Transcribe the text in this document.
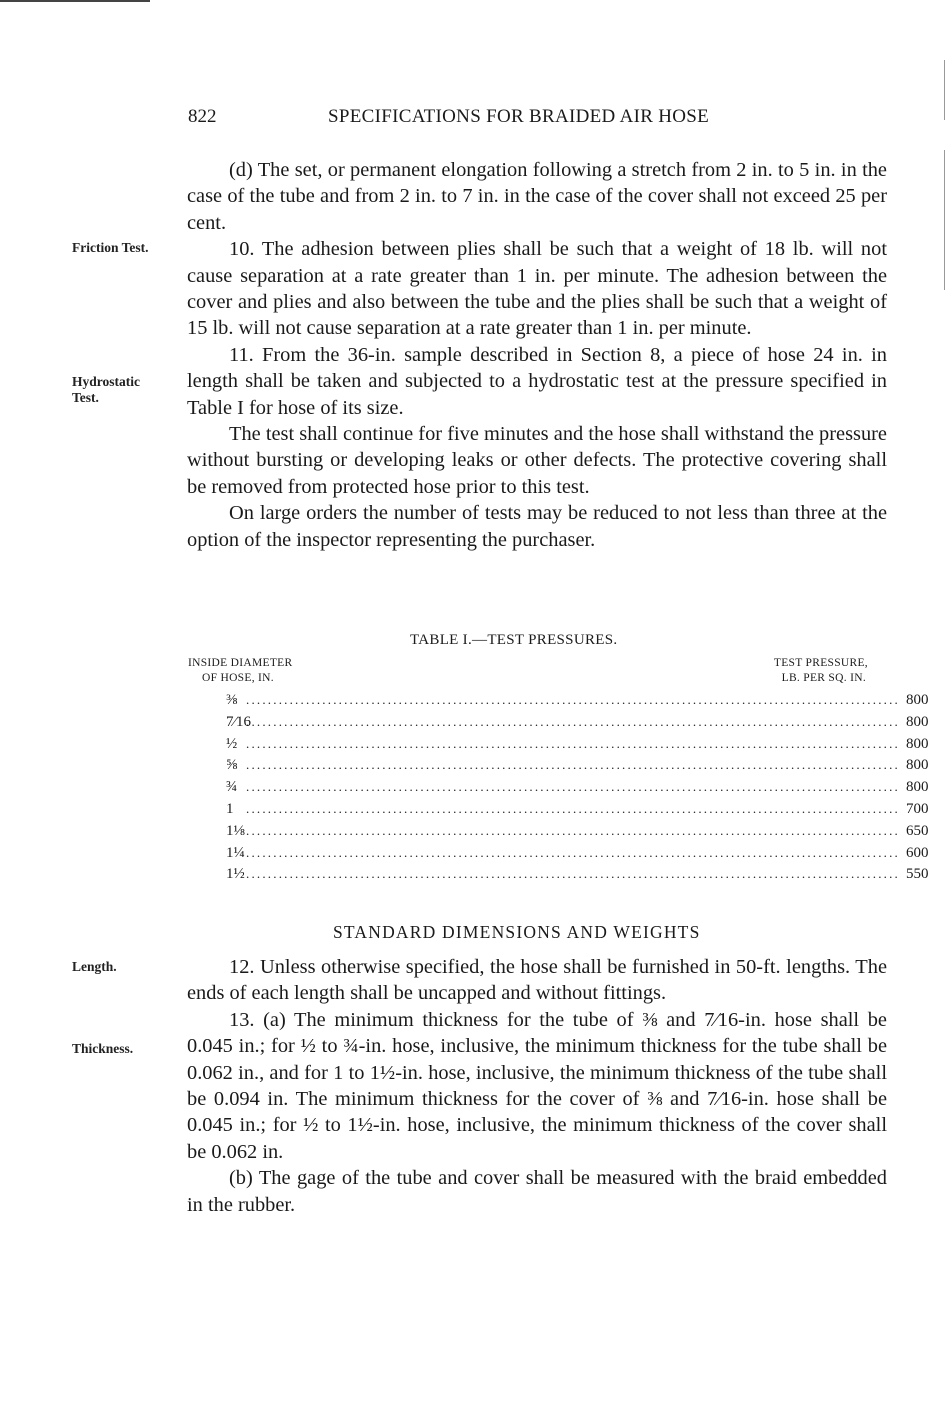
822	SPECIFICATIONS FOR BRAIDED AIR HOSE
Friction Test.
Hydrostatic Test.
Length.
Thickness.

(d) The set, or permanent elongation following a stretch from 2 in. to 5 in. in the case of the tube and from 2 in. to 7 in. in the case of the cover shall not exceed 25 per cent.

10. The adhesion between plies shall be such that a weight of 18 lb. will not cause separation at a rate greater than 1 in. per minute. The adhesion between the cover and plies and also between the tube and the plies shall be such that a weight of 15 lb. will not cause separation at a rate greater than 1 in. per minute.

11. From the 36-in. sample described in Section 8, a piece of hose 24 in. in length shall be taken and subjected to a hydrostatic test at the pressure specified in Table I for hose of its size.

The test shall continue for five minutes and the hose shall withstand the pressure without bursting or developing leaks or other defects. The protective covering shall be removed from protected hose prior to this test.

On large orders the number of tests may be reduced to not less than three at the option of the inspector representing the purchaser.

TABLE I.—TEST PRESSURES.
INSIDE DIAMETER
OF HOSE, IN.
TEST PRESSURE,
LB. PER SQ. IN.
⅜ ........................................................................................................................ 800
7⁄16
........................................................................................................................ 800
½ ........................................................................................................................ 800
⅝ ........................................................................................................................ 800
¾ ........................................................................................................................ 800
1 ........................................................................................................................ 700
1⅛ ........................................................................................................................ 650
1¼ ........................................................................................................................ 600
1½ ........................................................................................................................ 550
STANDARD DIMENSIONS AND WEIGHTS

12. Unless otherwise specified, the hose shall be furnished in 50-ft. lengths. The ends of each length shall be uncapped and without fittings.

13. (a) The minimum thickness for the tube of ⅜ and 7⁄16-in. hose shall be 0.045 in.; for ½ to ¾-in. hose, inclusive, the minimum thickness for the tube shall be 0.062 in., and for 1 to 1½-in. hose, inclusive, the minimum thickness of the tube shall be 0.094 in. The minimum thickness for the cover of ⅜ and 7⁄16-in. hose shall be 0.045 in.; for ½ to 1½-in. hose, inclusive, the minimum thickness of the cover shall be 0.062 in.

(b) The gage of the tube and cover shall be measured with the braid embedded in the rubber.
